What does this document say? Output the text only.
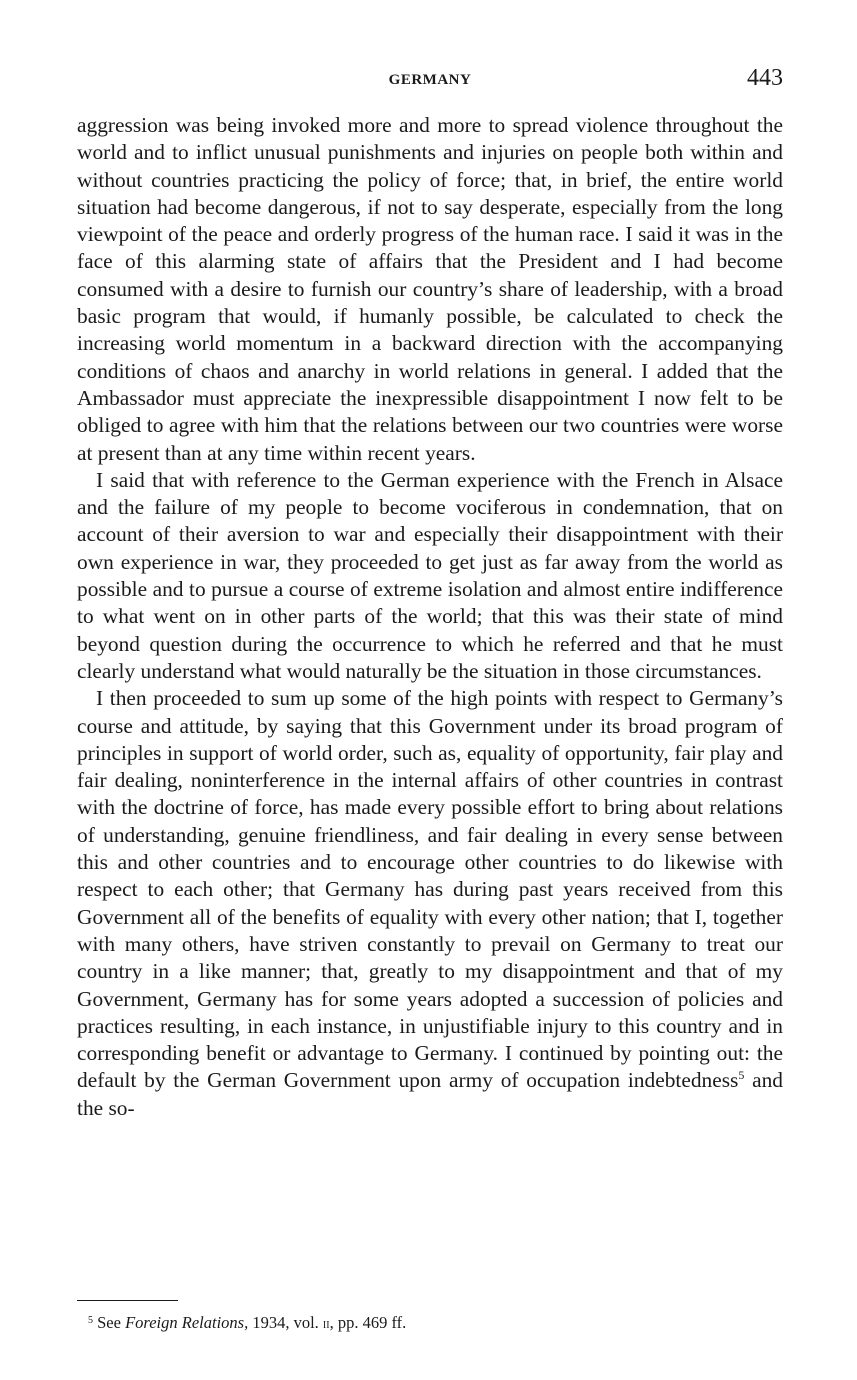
GERMANY	443

aggression was being invoked more and more to spread violence throughout the world and to inflict unusual punishments and injuries on people both within and without countries practicing the policy of force; that, in brief, the entire world situation had become dangerous, if not to say desperate, especially from the long viewpoint of the peace and orderly progress of the human race. I said it was in the face of this alarming state of affairs that the President and I had become consumed with a desire to furnish our country’s share of leadership, with a broad basic program that would, if humanly possible, be calculated to check the increasing world momentum in a backward direction with the accompanying conditions of chaos and anarchy in world relations in general. I added that the Ambassador must appreciate the inexpressible disappointment I now felt to be obliged to agree with him that the relations between our two countries were worse at present than at any time within recent years.

I said that with reference to the German experience with the French in Alsace and the failure of my people to become vociferous in condemnation, that on account of their aversion to war and especially their disappointment with their own experience in war, they proceeded to get just as far away from the world as possible and to pursue a course of extreme isolation and almost entire indifference to what went on in other parts of the world; that this was their state of mind beyond question during the occurrence to which he referred and that he must clearly understand what would naturally be the situation in those circumstances.

I then proceeded to sum up some of the high points with respect to Germany’s course and attitude, by saying that this Government under its broad program of principles in support of world order, such as, equality of opportunity, fair play and fair dealing, noninterference in the internal affairs of other countries in contrast with the doctrine of force, has made every possible effort to bring about relations of understanding, genuine friendliness, and fair dealing in every sense between this and other countries and to encourage other countries to do likewise with respect to each other; that Germany has during past years received from this Government all of the benefits of equality with every other nation; that I, together with many others, have striven constantly to prevail on Germany to treat our country in a like manner; that, greatly to my disappointment and that of my Government, Germany has for some years adopted a succession of policies and practices resulting, in each instance, in unjustifiable injury to this country and in corresponding benefit or advantage to Germany. I continued by pointing out: the default by the German Government upon army of occupation indebtedness$^5$ and the so-

$^5$ See Foreign Relations, 1934, vol. ii, pp. 469 ff.
